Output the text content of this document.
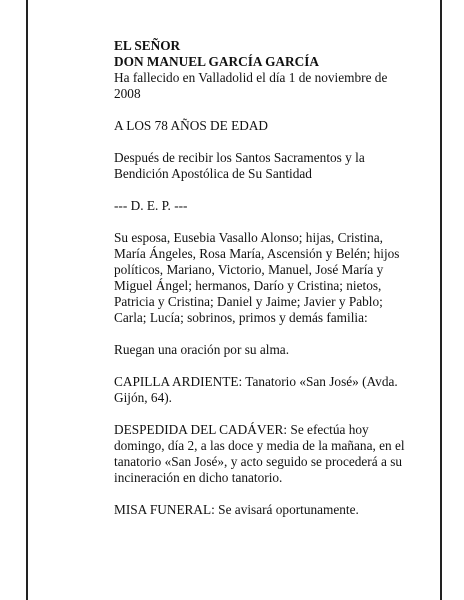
EL SEÑOR
DON MANUEL GARCÍA GARCÍA
Ha fallecido en Valladolid el día 1 de noviembre de 2008

A LOS 78 AÑOS DE EDAD

Después de recibir los Santos Sacramentos y la Bendición Apostólica de Su Santidad

--- D. E. P. ---

Su esposa, Eusebia Vasallo Alonso; hijas, Cristina, María Ángeles, Rosa María, Ascensión y Belén; hijos políticos, Mariano, Victorio, Manuel, José María y Miguel Ángel; hermanos, Darío y Cristina; nietos, Patricia y Cristina; Daniel y Jaime; Javier y Pablo; Carla; Lucía; sobrinos, primos y demás familia:

Ruegan una oración por su alma.

CAPILLA ARDIENTE: Tanatorio «San José» (Avda. Gijón, 64).

DESPEDIDA DEL CADÁVER: Se efectúa hoy domingo, día 2, a las doce y media de la mañana, en el tanatorio «San José», y acto seguido se procederá a su incineración en dicho tanatorio.

MISA FUNERAL: Se avisará oportunamente.
